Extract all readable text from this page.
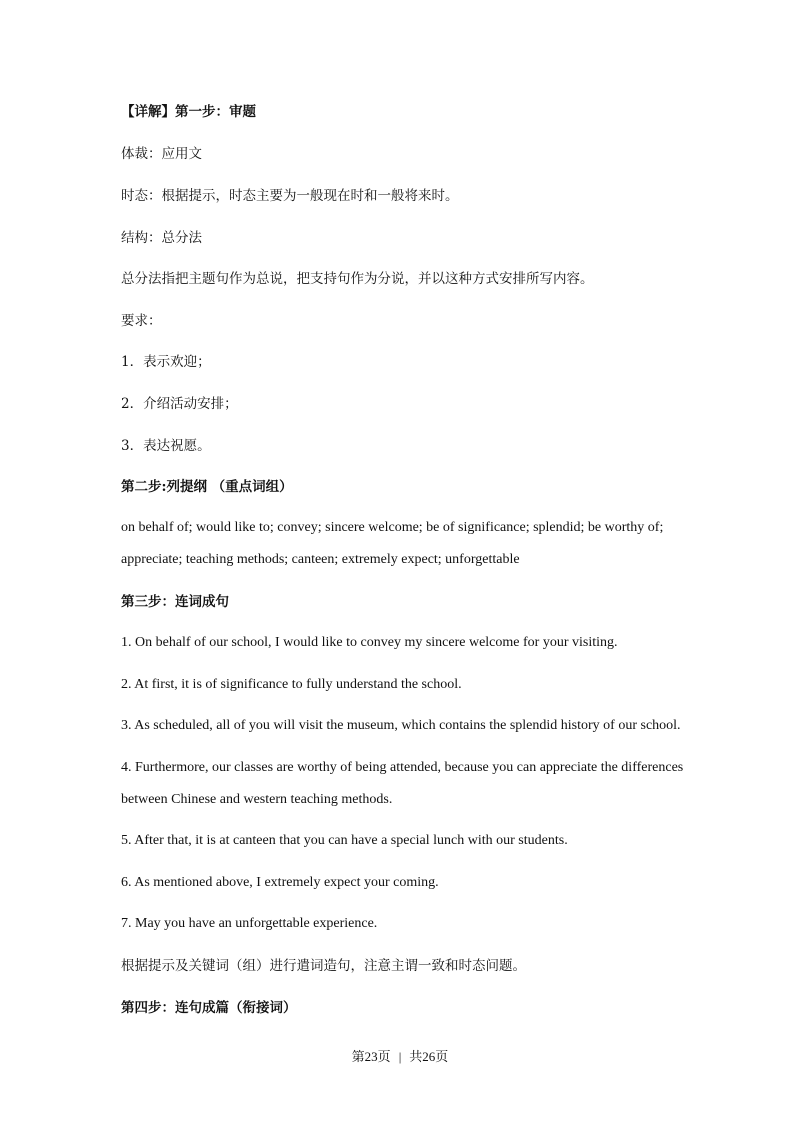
【详解】第一步：审题
体裁：应用文
时态：根据提示，时态主要为一般现在时和一般将来时。
结构：总分法
总分法指把主题句作为总说，把支持句作为分说，并以这种方式安排所写内容。
要求：
1．表示欢迎；
2．介绍活动安排；
3．表达祝愿。
第二步:列提纲 （重点词组）
on behalf of; would like to; convey; sincere welcome; be of significance; splendid; be worthy of;
appreciate; teaching methods; canteen; extremely expect; unforgettable
第三步：连词成句
1. On behalf of our school, I would like to convey my sincere welcome for your visiting.
2. At first, it is of significance to fully understand the school.
3. As scheduled, all of you will visit the museum, which contains the splendid history of our school.
4. Furthermore, our classes are worthy of being attended, because you can appreciate the differences
between Chinese and western teaching methods.
5. After that, it is at canteen that you can have a special lunch with our students.
6. As mentioned above, I extremely expect your coming.
7. May you have an unforgettable experience.
根据提示及关键词（组）进行遣词造句，注意主谓一致和时态问题。
第四步：连句成篇（衔接词）
第23页 | 共26页
